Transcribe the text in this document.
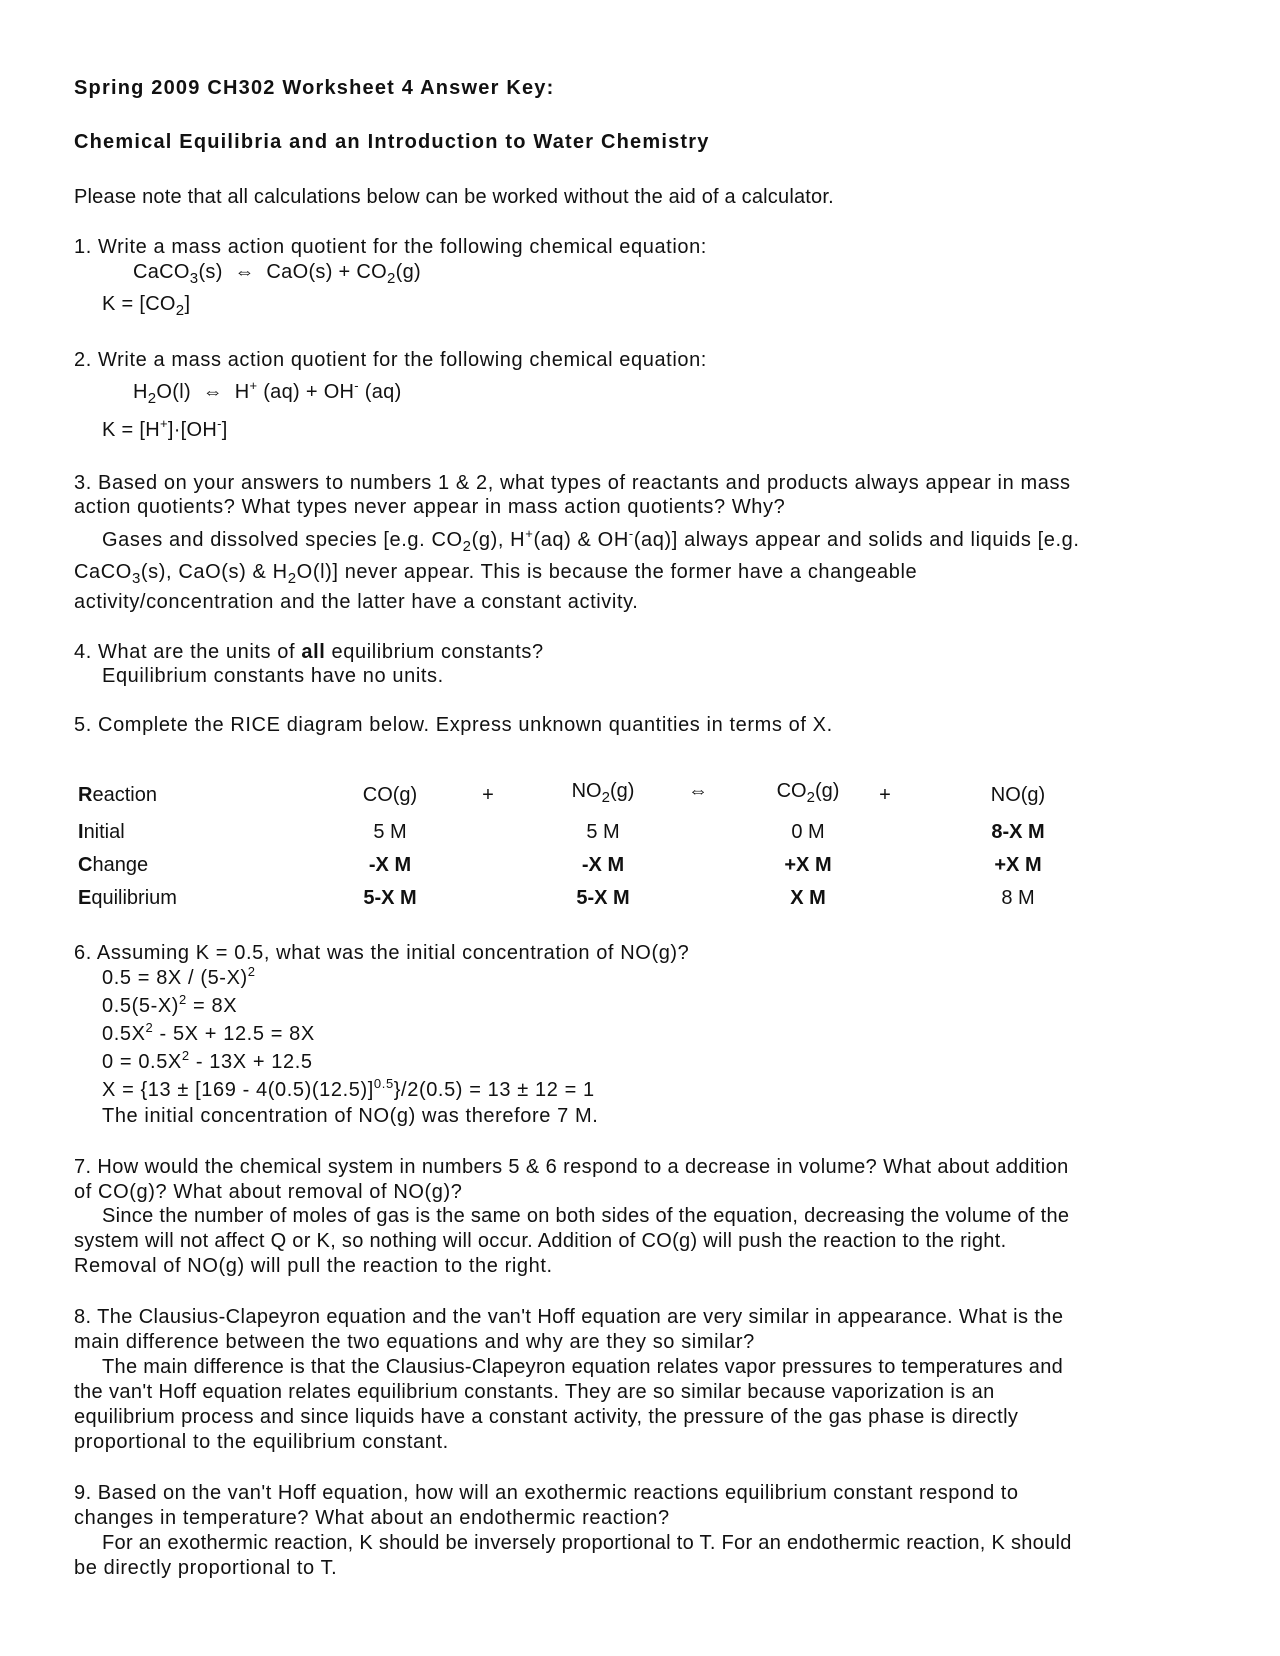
Spring 2009 CH302 Worksheet 4 Answer Key:
Chemical Equilibria and an Introduction to Water Chemistry
Please note that all calculations below can be worked without the aid of a calculator.
1. Write a mass action quotient for the following chemical equation:
CaCO$_3$(s) ⇔ $CaO(s) + CO_2(g)$
$K = [CO_2]$
2. Write a mass action quotient for the following chemical equation:
$H_2O(l)$ ⇔ H+ (aq) + OH- (aq)
K = [H+]·[OH-]
3. Based on your answers to numbers 1 & 2, what types of reactants and products always appear in mass
action quotients? What types never appear in mass action quotients? Why?
Gases and dissolved species [e.g. $CO_2(g)$, H+(aq) & OH-(aq)] always appear and solids and liquids [e.g.
CaCO$_3$(s), CaO(s) & $H_2O(l)$] never appear. This is because the former have a changeable
activity/concentration and the latter have a constant activity.
4. What are the units of all equilibrium constants?
Equilibrium constants have no units.
5. Complete the RICE diagram below. Express unknown quantities in terms of X.
Reaction	CO(g)	+	$NO_2(g)$	⇔	$CO_2(g)$	+	NO(g)
Initial	5 M	5 M	0 M	8-X M
Change	-X M	-X M	+X M	+X M
Equilibrium	5-X M	5-X M	X M	8 M
6. Assuming K = 0.5, what was the initial concentration of NO(g)?
$0.5 = 8X / (5-X)^2$
$0.5(5-X)^2 = 8X$
$0.5X^2 - 5X + 12.5 = 8X$
$0 = 0.5X^2 - 13X + 12.5$
X = {13 ± [169 - 4(0.5)(12.5)]$^{0.5}$}/2(0.5) = 13 ± 12 = 1
The initial concentration of NO(g) was therefore 7 M.
7. How would the chemical system in numbers 5 & 6 respond to a decrease in volume? What about addition
of CO(g)? What about removal of NO(g)?
Since the number of moles of gas is the same on both sides of the equation, decreasing the volume of the
system will not affect Q or K, so nothing will occur. Addition of CO(g) will push the reaction to the right.
Removal of NO(g) will pull the reaction to the right.
8. The Clausius-Clapeyron equation and the van't Hoff equation are very similar in appearance. What is the
main difference between the two equations and why are they so similar?
The main difference is that the Clausius-Clapeyron equation relates vapor pressures to temperatures and
the van't Hoff equation relates equilibrium constants. They are so similar because vaporization is an
equilibrium process and since liquids have a constant activity, the pressure of the gas phase is directly
proportional to the equilibrium constant.
9. Based on the van't Hoff equation, how will an exothermic reactions equilibrium constant respond to
changes in temperature? What about an endothermic reaction?
For an exothermic reaction, K should be inversely proportional to T. For an endothermic reaction, K should
be directly proportional to T.
